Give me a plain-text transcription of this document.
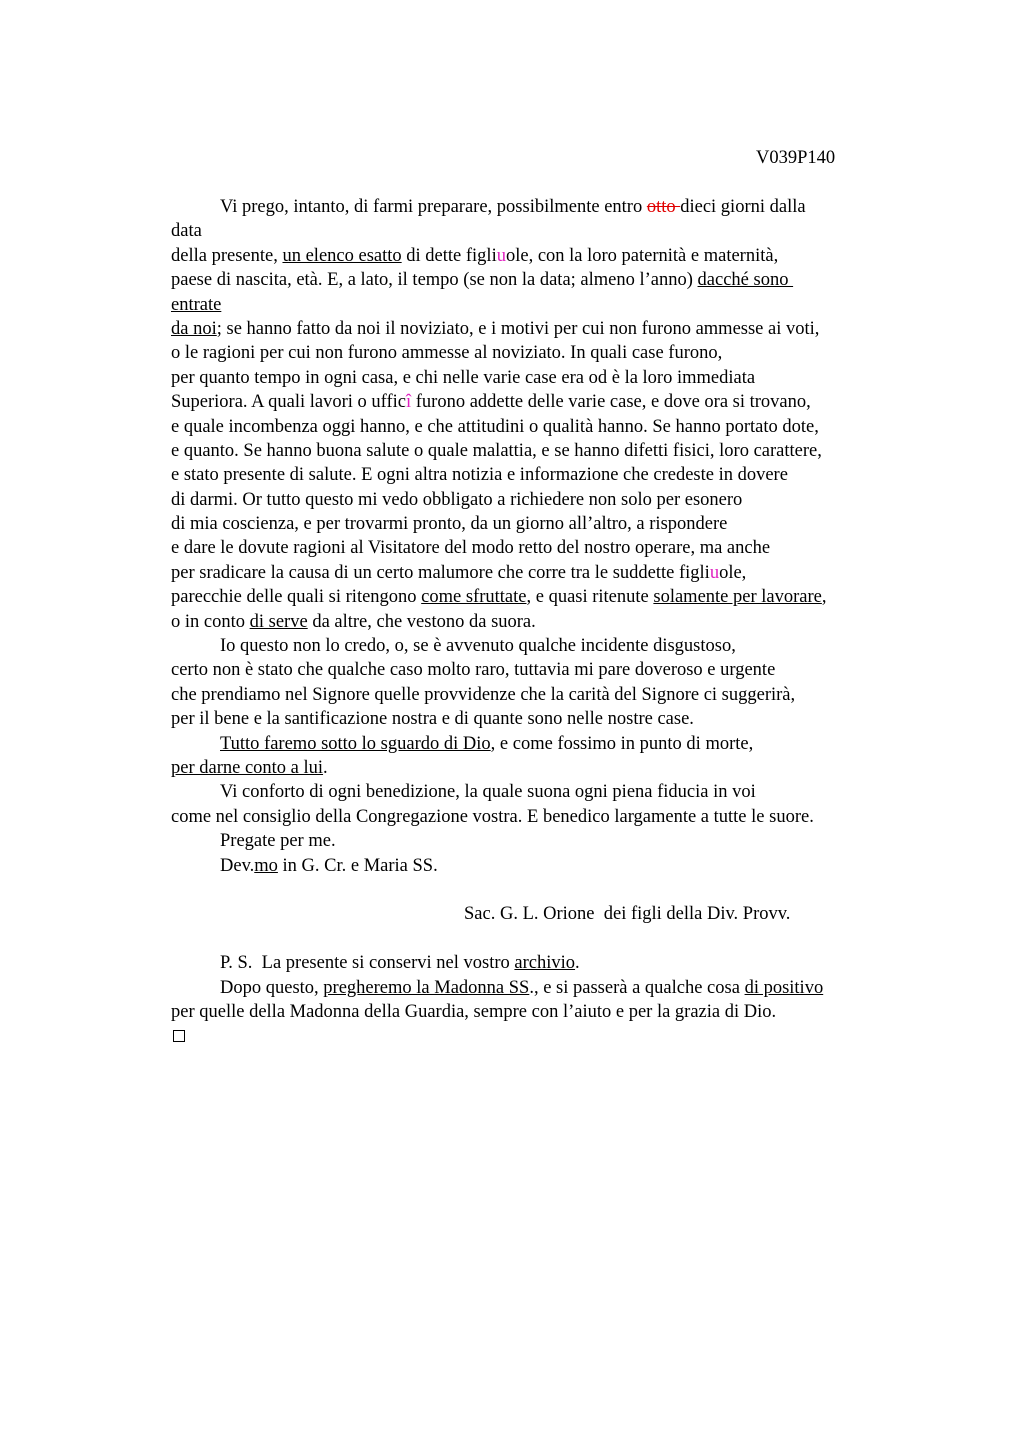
V039P140
Vi prego, intanto, di farmi preparare, possibilmente entro otto dieci giorni dalla
data
della presente, un elenco esatto di dette figliuole, con la loro paternità e maternità,
paese di nascita, età. E, a lato, il tempo (se non la data; almeno l’anno) dacché sono
entrate
da noi; se hanno fatto da noi il noviziato, e i motivi per cui non furono ammesse ai voti,
o le ragioni per cui non furono ammesse al noviziato. In quali case furono,
per quanto tempo in ogni casa, e chi nelle varie case era od è la loro immediata
Superiora. A quali lavori o ufficî furono addette delle varie case, e dove ora si trovano,
e quale incombenza oggi hanno, e che attitudini o qualità hanno. Se hanno portato dote,
e quanto. Se hanno buona salute o quale malattia, e se hanno difetti fisici, loro carattere,
e stato presente di salute. E ogni altra notizia e informazione che credeste in dovere
di darmi. Or tutto questo mi vedo obbligato a richiedere non solo per esonero
di mia coscienza, e per trovarmi pronto, da un giorno all’altro, a rispondere
e dare le dovute ragioni al Visitatore del modo retto del nostro operare, ma anche
per sradicare la causa di un certo malumore che corre tra le suddette figliuole,
parecchie delle quali si ritengono come sfruttate, e quasi ritenute solamente per lavorare,
o in conto di serve da altre, che vestono da suora.
Io questo non lo credo, o, se è avvenuto qualche incidente disgustoso,
certo non è stato che qualche caso molto raro, tuttavia mi pare doveroso e urgente
che prendiamo nel Signore quelle provvidenze che la carità del Signore ci suggerirà,
per il bene e la santificazione nostra e di quante sono nelle nostre case.
Tutto faremo sotto lo sguardo di Dio, e come fossimo in punto di morte,
per darne conto a lui.
Vi conforto di ogni benedizione, la quale suona ogni piena fiducia in voi
come nel consiglio della Congregazione vostra. E benedico largamente a tutte le suore.
Pregate per me.
Dev.mo in G. Cr. e Maria SS.
Sac. G. L. Orione  dei figli della Div. Provv.
P. S.  La presente si conservi nel vostro archivio.
Dopo questo, pregheremo la Madonna SS., e si passerà a qualche cosa di positivo
per quelle della Madonna della Guardia, sempre con l’aiuto e per la grazia di Dio.
